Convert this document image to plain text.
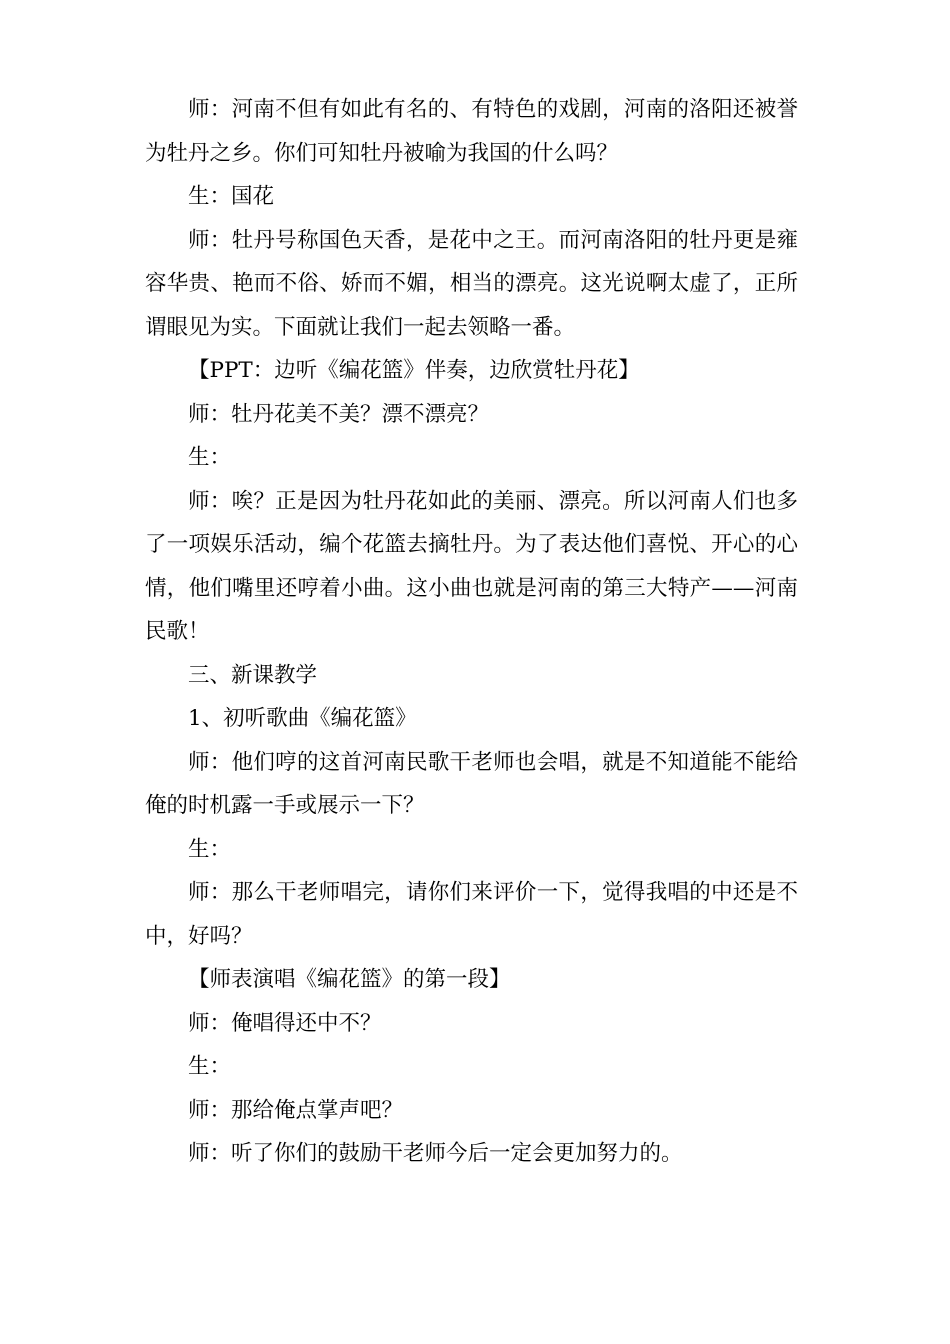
师：河南不但有如此有名的、有特色的戏剧，河南的洛阳还被誉为牡丹之乡。你们可知牡丹被喻为我国的什么吗？

生：国花

师：牡丹号称国色天香，是花中之王。而河南洛阳的牡丹更是雍容华贵、艳而不俗、娇而不媚，相当的漂亮。这光说啊太虚了，正所谓眼见为实。下面就让我们一起去领略一番。

【PPT：边听《编花篮》伴奏，边欣赏牡丹花】

师：牡丹花美不美？漂不漂亮？

生：

师：唉？正是因为牡丹花如此的美丽、漂亮。所以河南人们也多了一项娱乐活动，编个花篮去摘牡丹。为了表达他们喜悦、开心的心情，他们嘴里还哼着小曲。这小曲也就是河南的第三大特产——河南民歌！

三、新课教学

1、初听歌曲《编花篮》

师：他们哼的这首河南民歌干老师也会唱，就是不知道能不能给俺的时机露一手或展示一下？

生：

师：那么干老师唱完，请你们来评价一下，觉得我唱的中还是不中，好吗？

【师表演唱《编花篮》的第一段】

师：俺唱得还中不？

生：

师：那给俺点掌声吧？

师：听了你们的鼓励干老师今后一定会更加努力的。
